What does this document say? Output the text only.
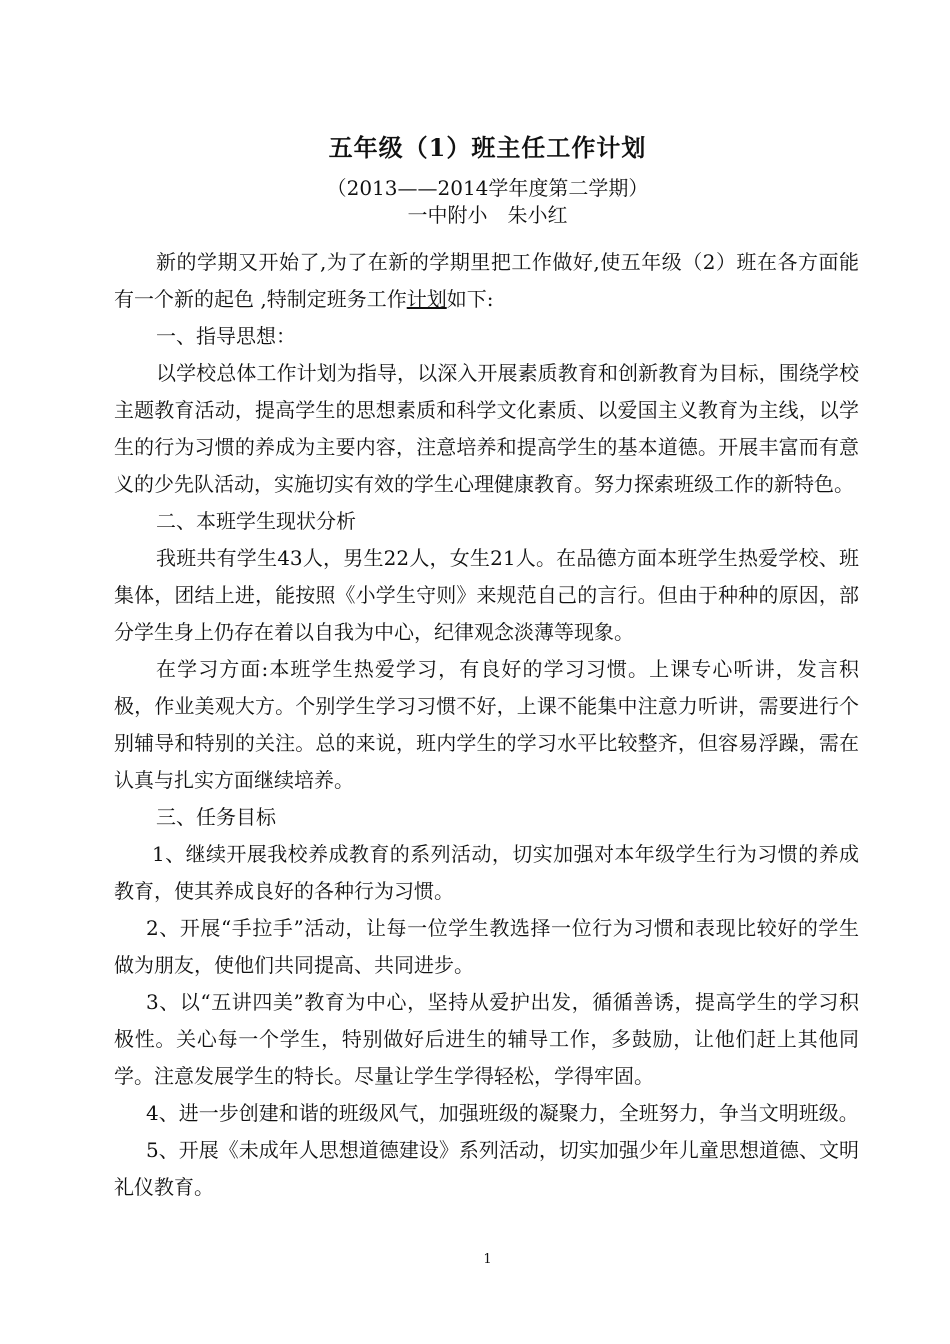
五年级（1）班主任工作计划
（2013——2014学年度第二学期）
一中附小　朱小红

新的学期又开始了,为了在新的学期里把工作做好,使五年级（2）班在各方面能有一个新的起色 ,特制定班务工作计划如下:

一、指导思想：

以学校总体工作计划为指导，以深入开展素质教育和创新教育为目标，围绕学校主题教育活动，提高学生的思想素质和科学文化素质、以爱国主义教育为主线，以学生的行为习惯的养成为主要内容，注意培养和提高学生的基本道德。开展丰富而有意义的少先队活动，实施切实有效的学生心理健康教育。努力探索班级工作的新特色。

二、本班学生现状分析

我班共有学生43人，男生22人，女生21人。在品德方面本班学生热爱学校、班集体，团结上进，能按照《小学生守则》来规范自己的言行。但由于种种的原因，部分学生身上仍存在着以自我为中心，纪律观念淡薄等现象。

在学习方面:本班学生热爱学习，有良好的学习习惯。上课专心听讲，发言积极，作业美观大方。个别学生学习习惯不好，上课不能集中注意力听讲，需要进行个别辅导和特别的关注。总的来说，班内学生的学习水平比较整齐，但容易浮躁，需在认真与扎实方面继续培养。

三、任务目标

1、继续开展我校养成教育的系列活动，切实加强对本年级学生行为习惯的养成教育，使其养成良好的各种行为习惯。

2、开展“手拉手”活动，让每一位学生教选择一位行为习惯和表现比较好的学生做为朋友，使他们共同提高、共同进步。

3、以“五讲四美”教育为中心，坚持从爱护出发，循循善诱，提高学生的学习积极性。关心每一个学生，特别做好后进生的辅导工作，多鼓励，让他们赶上其他同学。注意发展学生的特长。尽量让学生学得轻松，学得牢固。

4、进一步创建和谐的班级风气，加强班级的凝聚力，全班努力，争当文明班级。

5、开展《未成年人思想道德建设》系列活动，切实加强少年儿童思想道德、文明礼仪教育。

1
